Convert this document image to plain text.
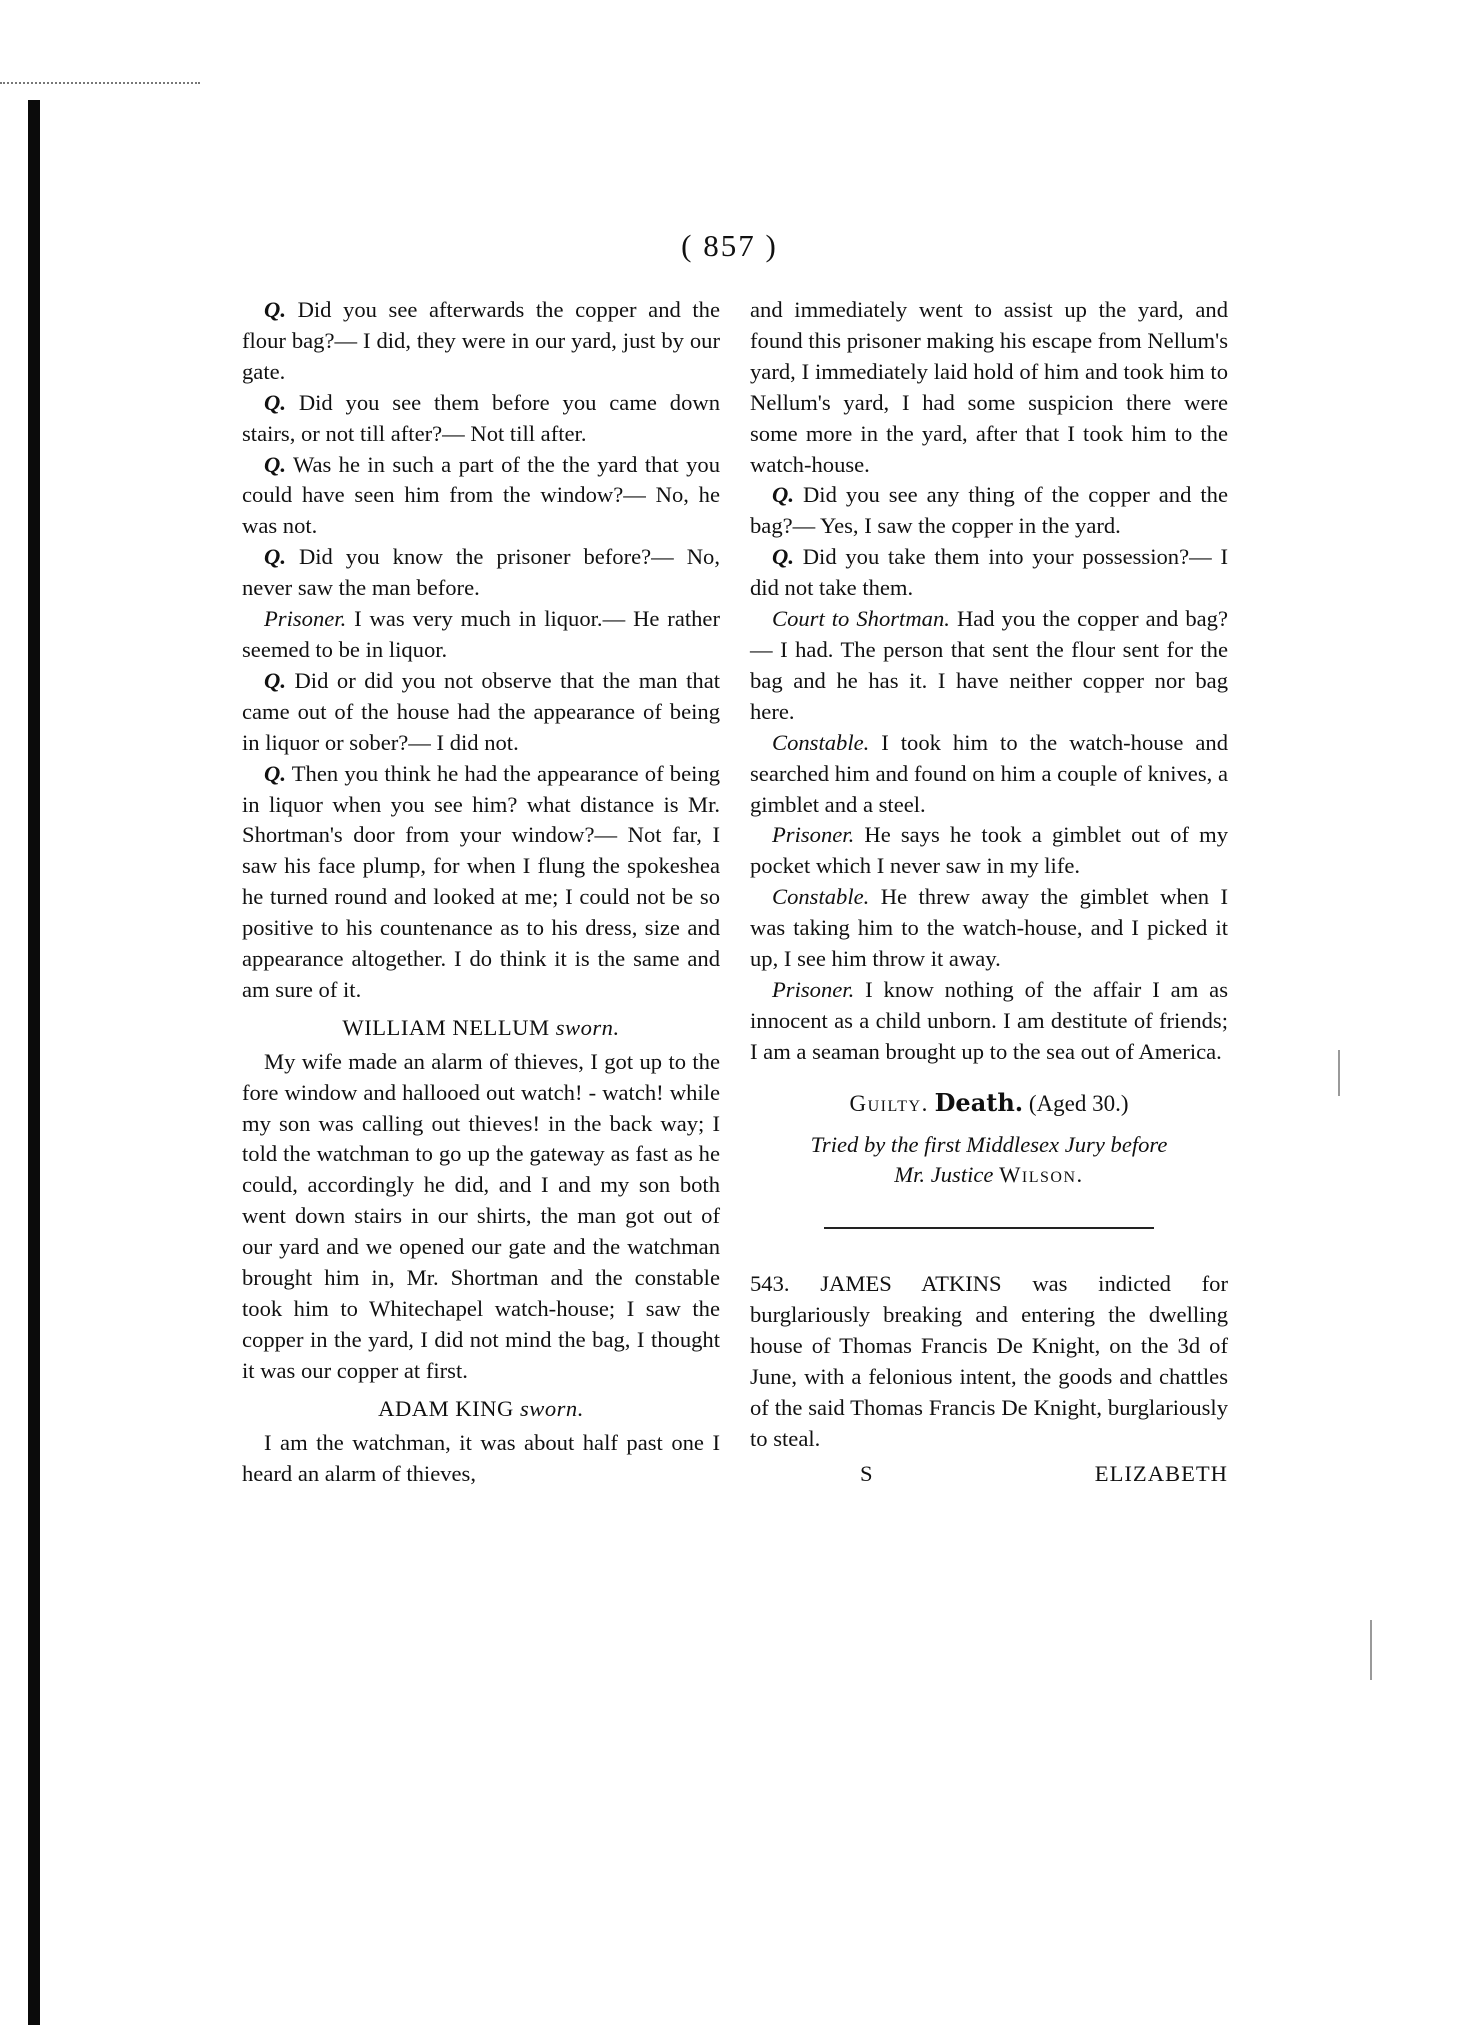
( 857 )

Q. Did you see afterwards the copper and the flour bag?— I did, they were in our yard, just by our gate.

Q. Did you see them before you came down stairs, or not till after?— Not till after.

Q. Was he in such a part of the the yard that you could have seen him from the window?— No, he was not.

Q. Did you know the prisoner before?— No, never saw the man before.

Prisoner. I was very much in liquor.— He rather seemed to be in liquor.

Q. Did or did you not observe that the man that came out of the house had the appearance of being in liquor or sober?— I did not.

Q. Then you think he had the appearance of being in liquor when you see him? what distance is Mr. Shortman's door from your window?— Not far, I saw his face plump, for when I flung the spokeshea he turned round and looked at me; I could not be so positive to his countenance as to his dress, size and appearance altogether. I do think it is the same and am sure of it.

WILLIAM NELLUM sworn.

My wife made an alarm of thieves, I got up to the fore window and hallooed out watch! - watch! while my son was calling out thieves! in the back way; I told the watchman to go up the gateway as fast as he could, accordingly he did, and I and my son both went down stairs in our shirts, the man got out of our yard and we opened our gate and the watchman brought him in, Mr. Shortman and the constable took him to Whitechapel watch-house; I saw the copper in the yard, I did not mind the bag, I thought it was our copper at first.

ADAM KING sworn.

I am the watchman, it was about half past one I heard an alarm of thieves,

and immediately went to assist up the yard, and found this prisoner making his escape from Nellum's yard, I immediately laid hold of him and took him to Nellum's yard, I had some suspicion there were some more in the yard, after that I took him to the watch-house.

Q. Did you see any thing of the copper and the bag?— Yes, I saw the copper in the yard.

Q. Did you take them into your possession?— I did not take them.

Court to Shortman. Had you the copper and bag?— I had. The person that sent the flour sent for the bag and he has it. I have neither copper nor bag here.

Constable. I took him to the watch-house and searched him and found on him a couple of knives, a gimblet and a steel.

Prisoner. He says he took a gimblet out of my pocket which I never saw in my life.

Constable. He threw away the gimblet when I was taking him to the watch-house, and I picked it up, I see him throw it away.

Prisoner. I know nothing of the affair I am as innocent as a child unborn. I am destitute of friends; I am a seaman brought up to the sea out of America.

Guilty. Death. (Aged 30.)
Tried by the first Middlesex Jury before
Mr. Justice Wilson.

543. JAMES ATKINS was indicted for burglariously breaking and entering the dwelling house of Thomas Francis De Knight, on the 3d of June, with a felonious intent, the goods and chattles of the said Thomas Francis De Knight, burglariously to steal.

S	ELIZABETH
